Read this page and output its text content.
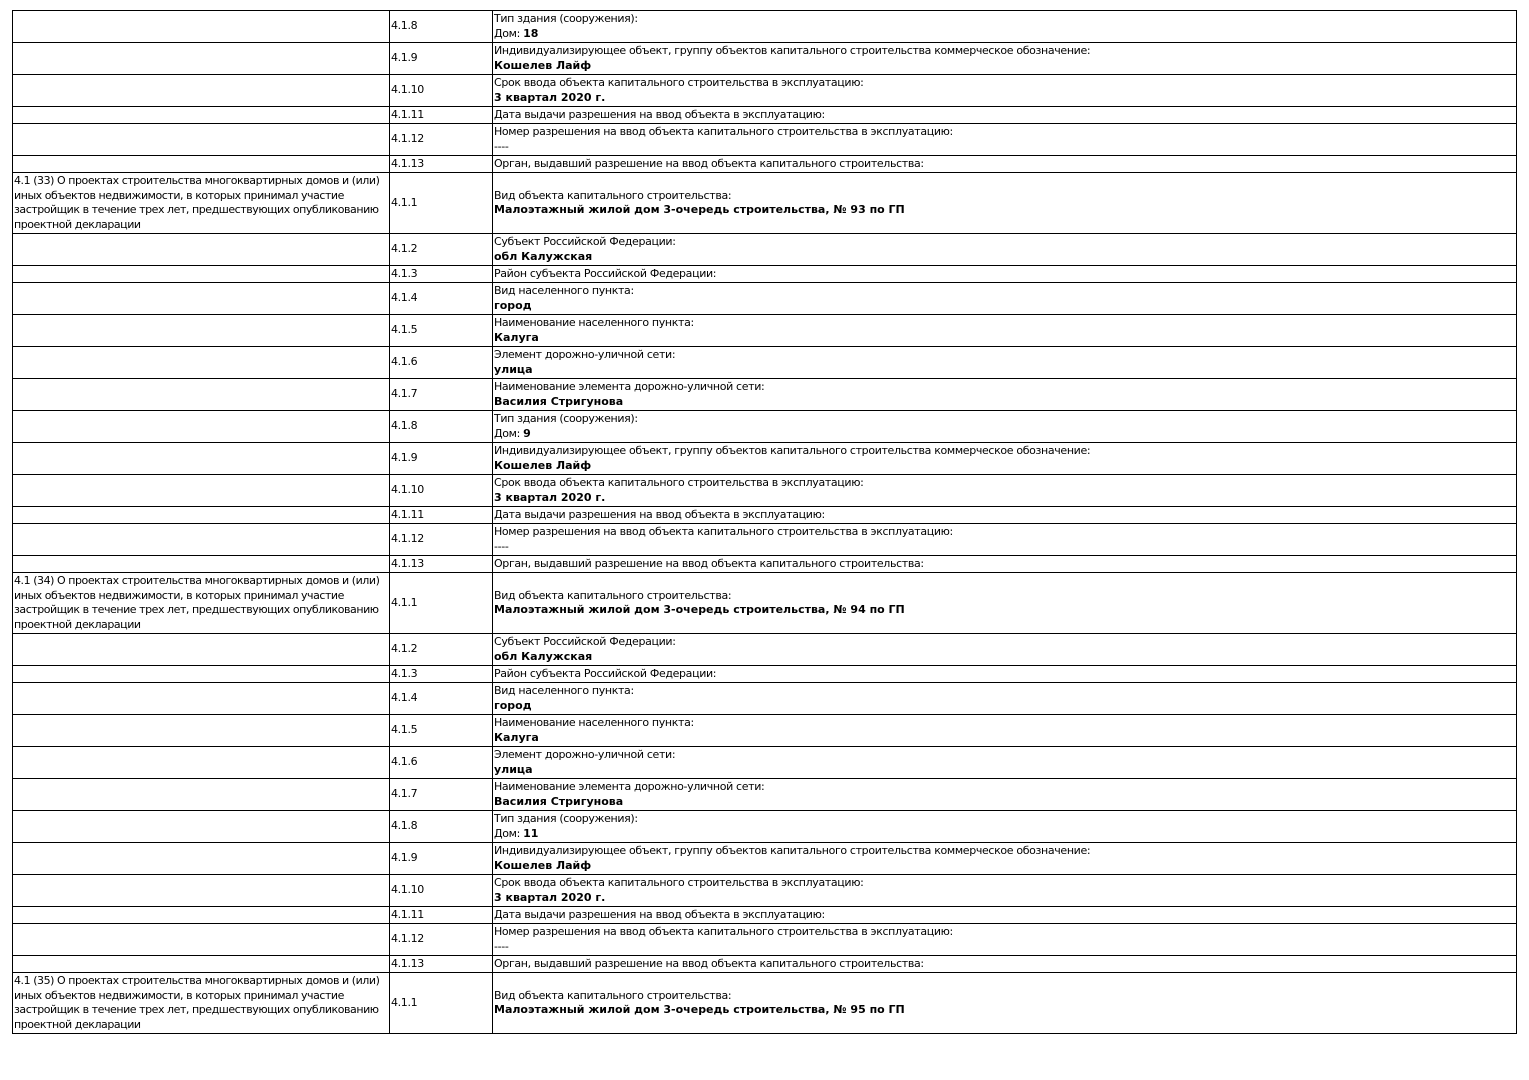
	4.1.8	Тип здания (сооружения):
Дом: 18
	4.1.9	Индивидуализирующее объект, группу объектов капитального строительства коммерческое обозначение:
Кошелев Лайф
	4.1.10	Срок ввода объекта капитального строительства в эксплуатацию:
3 квартал 2020 г.
	4.1.11	Дата выдачи разрешения на ввод объекта в эксплуатацию:
	4.1.12	Номер разрешения на ввод объекта капитального строительства в эксплуатацию:
----
	4.1.13	Орган, выдавший разрешение на ввод объекта капитального строительства:
4.1 (33) О проектах строительства многоквартирных домов и (или) иных объектов недвижимости, в которых принимал участие застройщик в течение трех лет, предшествующих опубликованию проектной декларации	4.1.1	Вид объекта капитального строительства:
Малоэтажный жилой дом 3-очередь строительства, № 93 по ГП
	4.1.2	Субъект Российской Федерации:
обл Калужская
	4.1.3	Район субъекта Российской Федерации:
	4.1.4	Вид населенного пункта:
город
	4.1.5	Наименование населенного пункта:
Калуга
	4.1.6	Элемент дорожно-уличной сети:
улица
	4.1.7	Наименование элемента дорожно-уличной сети:
Василия Стригунова
	4.1.8	Тип здания (сооружения):
Дом: 9
	4.1.9	Индивидуализирующее объект, группу объектов капитального строительства коммерческое обозначение:
Кошелев Лайф
	4.1.10	Срок ввода объекта капитального строительства в эксплуатацию:
3 квартал 2020 г.
	4.1.11	Дата выдачи разрешения на ввод объекта в эксплуатацию:
	4.1.12	Номер разрешения на ввод объекта капитального строительства в эксплуатацию:
----
	4.1.13	Орган, выдавший разрешение на ввод объекта капитального строительства:
4.1 (34) О проектах строительства многоквартирных домов и (или) иных объектов недвижимости, в которых принимал участие застройщик в течение трех лет, предшествующих опубликованию проектной декларации	4.1.1	Вид объекта капитального строительства:
Малоэтажный жилой дом 3-очередь строительства, № 94 по ГП
	4.1.2	Субъект Российской Федерации:
обл Калужская
	4.1.3	Район субъекта Российской Федерации:
	4.1.4	Вид населенного пункта:
город
	4.1.5	Наименование населенного пункта:
Калуга
	4.1.6	Элемент дорожно-уличной сети:
улица
	4.1.7	Наименование элемента дорожно-уличной сети:
Василия Стригунова
	4.1.8	Тип здания (сооружения):
Дом: 11
	4.1.9	Индивидуализирующее объект, группу объектов капитального строительства коммерческое обозначение:
Кошелев Лайф
	4.1.10	Срок ввода объекта капитального строительства в эксплуатацию:
3 квартал 2020 г.
	4.1.11	Дата выдачи разрешения на ввод объекта в эксплуатацию:
	4.1.12	Номер разрешения на ввод объекта капитального строительства в эксплуатацию:
----
	4.1.13	Орган, выдавший разрешение на ввод объекта капитального строительства:
4.1 (35) О проектах строительства многоквартирных домов и (или) иных объектов недвижимости, в которых принимал участие застройщик в течение трех лет, предшествующих опубликованию проектной декларации	4.1.1	Вид объекта капитального строительства:
Малоэтажный жилой дом 3-очередь строительства, № 95 по ГП
